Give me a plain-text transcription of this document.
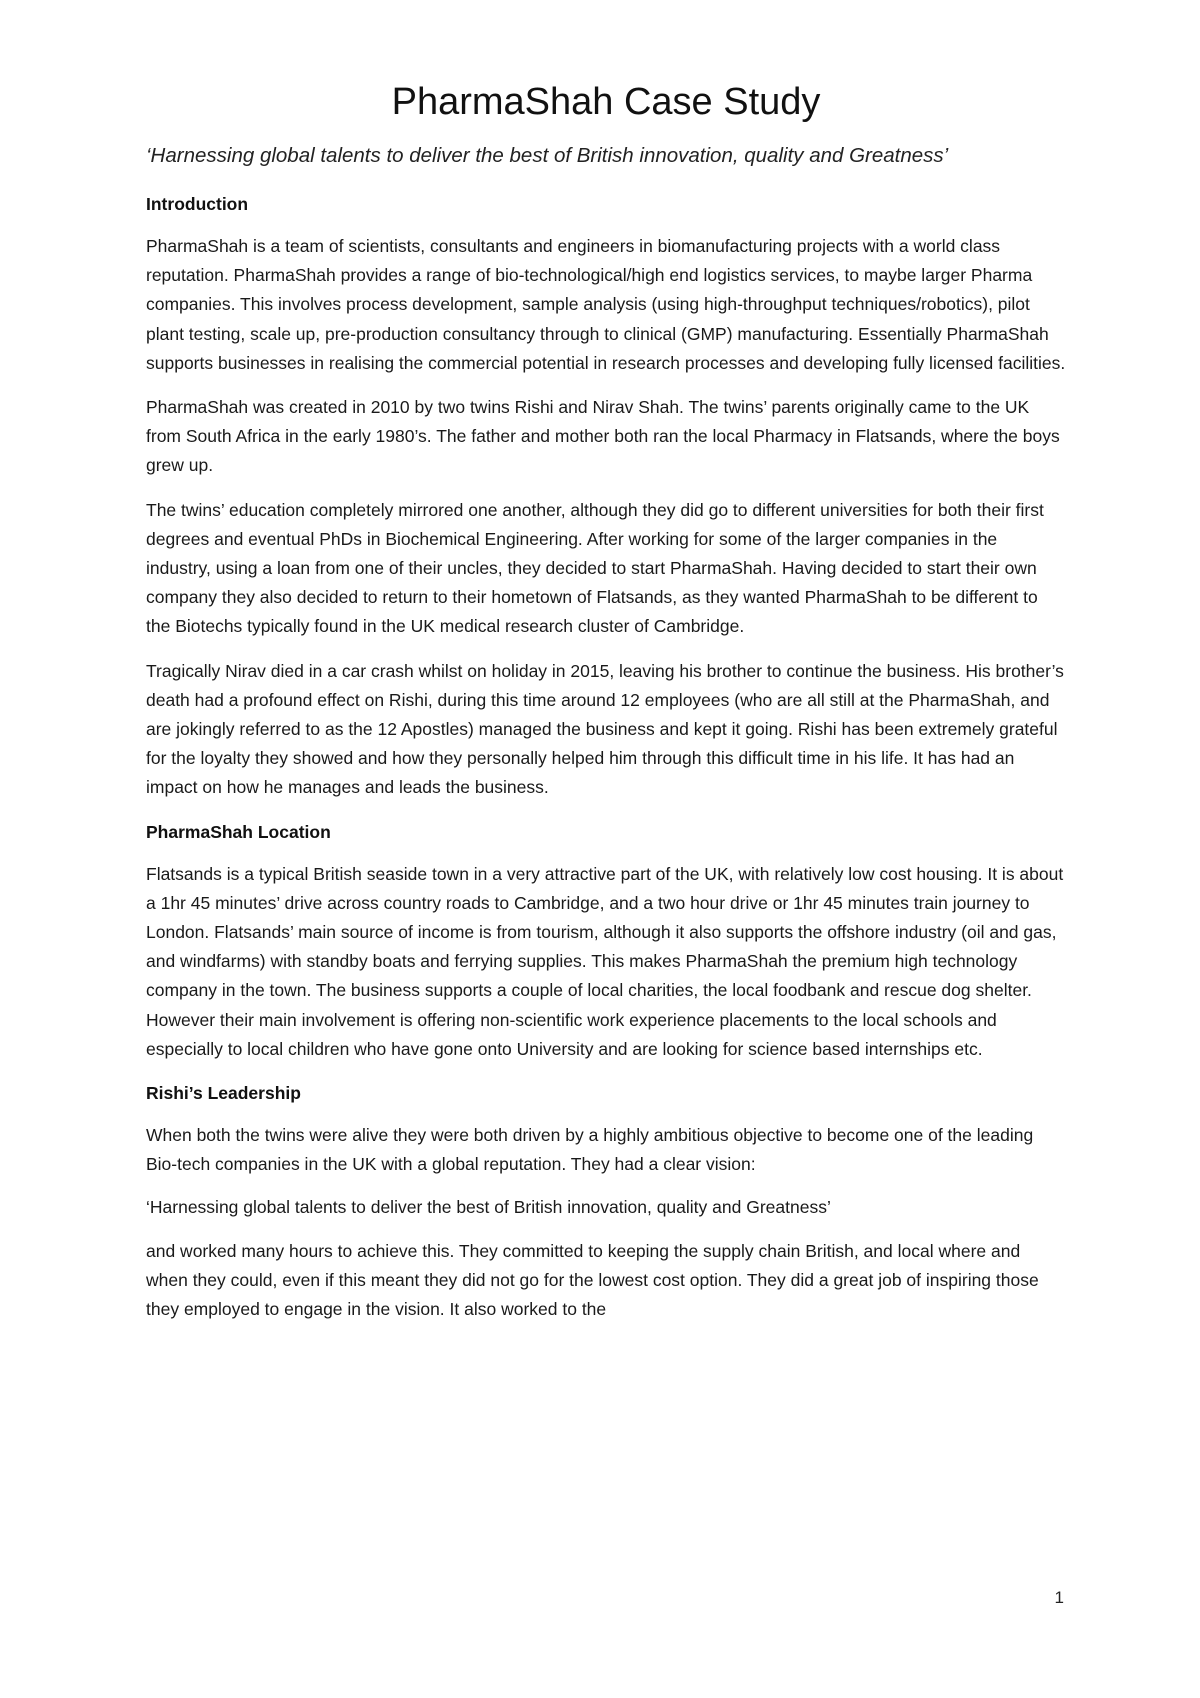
PharmaShah Case Study

‘Harnessing global talents to deliver the best of British innovation, quality and Greatness’

Introduction

PharmaShah is a team of scientists, consultants and engineers in biomanufacturing projects with a world class reputation. PharmaShah provides a range of bio-technological/high end logistics services, to maybe larger Pharma companies. This involves process development, sample analysis (using high-throughput techniques/robotics), pilot plant testing, scale up, pre-production consultancy through to clinical (GMP) manufacturing. Essentially PharmaShah supports businesses in realising the commercial potential in research processes and developing fully licensed facilities.

PharmaShah was created in 2010 by two twins Rishi and Nirav Shah. The twins’ parents originally came to the UK from South Africa in the early 1980’s. The father and mother both ran the local Pharmacy in Flatsands, where the boys grew up.

The twins’ education completely mirrored one another, although they did go to different universities for both their first degrees and eventual PhDs in Biochemical Engineering. After working for some of the larger companies in the industry, using a loan from one of their uncles, they decided to start PharmaShah. Having decided to start their own company they also decided to return to their hometown of Flatsands, as they wanted PharmaShah to be different to the Biotechs typically found in the UK medical research cluster of Cambridge.

Tragically Nirav died in a car crash whilst on holiday in 2015, leaving his brother to continue the business. His brother’s death had a profound effect on Rishi, during this time around 12 employees (who are all still at the PharmaShah, and are jokingly referred to as the 12 Apostles) managed the business and kept it going. Rishi has been extremely grateful for the loyalty they showed and how they personally helped him through this difficult time in his life. It has had an impact on how he manages and leads the business.

PharmaShah Location

Flatsands is a typical British seaside town in a very attractive part of the UK, with relatively low cost housing. It is about a 1hr 45 minutes’ drive across country roads to Cambridge, and a two hour drive or 1hr 45 minutes train journey to London. Flatsands’ main source of income is from tourism, although it also supports the offshore industry (oil and gas, and windfarms) with standby boats and ferrying supplies. This makes PharmaShah the premium high technology company in the town. The business supports a couple of local charities, the local foodbank and rescue dog shelter. However their main involvement is offering non-scientific work experience placements to the local schools and especially to local children who have gone onto University and are looking for science based internships etc.

Rishi’s Leadership

When both the twins were alive they were both driven by a highly ambitious objective to become one of the leading Bio-tech companies in the UK with a global reputation. They had a clear vision:

‘Harnessing global talents to deliver the best of British innovation, quality and Greatness’

and worked many hours to achieve this. They committed to keeping the supply chain British, and local where and when they could, even if this meant they did not go for the lowest cost option. They did a great job of inspiring those they employed to engage in the vision. It also worked to the

1
